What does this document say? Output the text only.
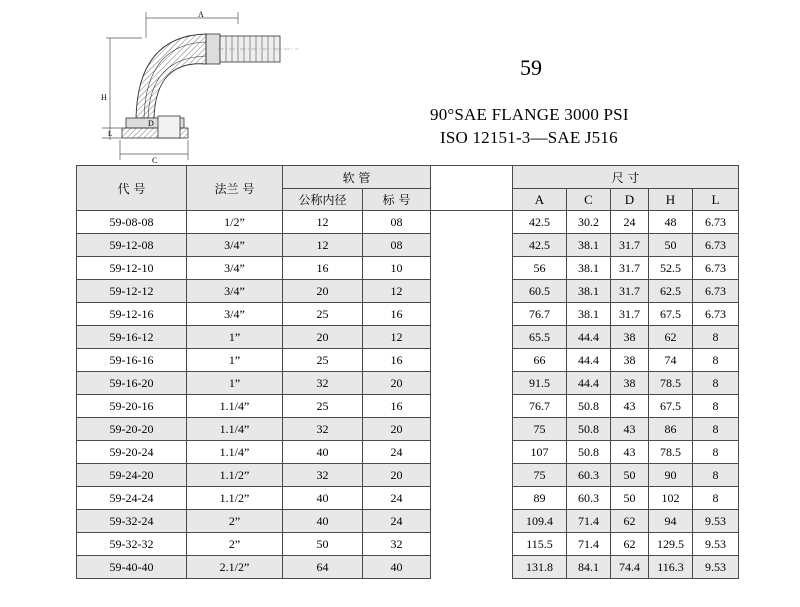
A
H
D
C
L
59
90°SAE FLANGE 3000 PSI
ISO 12151-3—SAE J516
代 号	法兰 号	软 管			尺 寸				
		公称内径	标 号		A	C	D	H	L
59-08-08	1/2”	12	08		42.5	30.2	24	48	6.73
59-12-08	3/4”	12	08		42.5	38.1	31.7	50	6.73
59-12-10	3/4”	16	10		56	38.1	31.7	52.5	6.73
59-12-12	3/4”	20	12		60.5	38.1	31.7	62.5	6.73
59-12-16	3/4”	25	16		76.7	38.1	31.7	67.5	6.73
59-16-12	1”	20	12		65.5	44.4	38	62	8
59-16-16	1”	25	16		66	44.4	38	74	8
59-16-20	1”	32	20		91.5	44.4	38	78.5	8
59-20-16	1.1/4”	25	16		76.7	50.8	43	67.5	8
59-20-20	1.1/4”	32	20		75	50.8	43	86	8
59-20-24	1.1/4”	40	24		107	50.8	43	78.5	8
59-24-20	1.1/2”	32	20		75	60.3	50	90	8
59-24-24	1.1/2”	40	24		89	60.3	50	102	8
59-32-24	2”	40	24		109.4	71.4	62	94	9.53
59-32-32	2”	50	32		115.5	71.4	62	129.5	9.53
59-40-40	2.1/2”	64	40		131.8	84.1	74.4	116.3	9.53
